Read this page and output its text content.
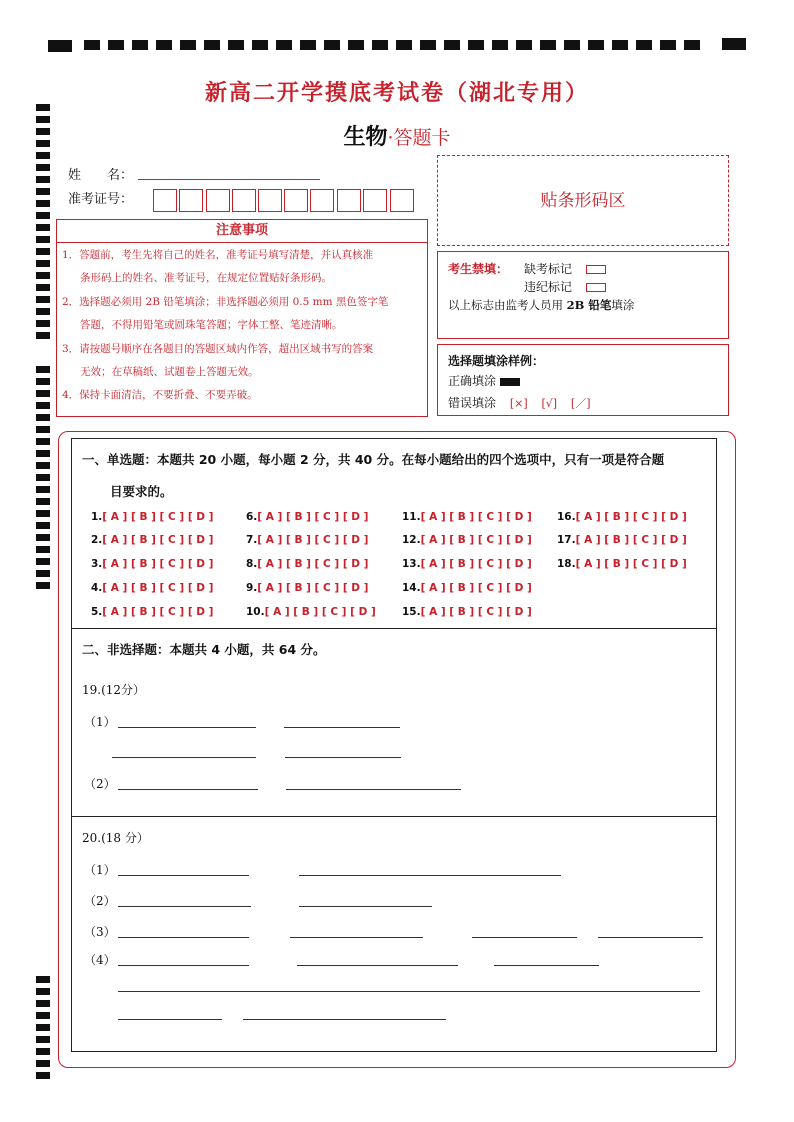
新高二开学摸底考试卷（湖北专用）
生物·答题卡
姓　　名：
准考证号：	贴条形码区
注意事项
1．答题前，考生先将自己的姓名，准考证号填写清楚，并认真核准
条形码上的姓名、准考证号，在规定位置贴好条形码。
2．选择题必须用 2B 铅笔填涂；非选择题必须用 0.5 mm 黑色签字笔
答题，不得用铅笔或圆珠笔答题；字体工整、笔迹清晰。
3．请按题号顺序在各题目的答题区域内作答，超出区域书写的答案
无效；在草稿纸、试题卷上答题无效。
4．保持卡面清洁，不要折叠、不要弄破。
考生禁填： 缺考标记
违纪标记
以上标志由监考人员用 2B 铅笔填涂
选择题填涂样例：
正确填涂
错误填涂 [×] [√] [／]
一、单选题：本题共 20 小题，每小题 2 分，共 40 分。在每小题给出的四个选项中，只有一项是符合题
目要求的。
1.[ A ] [ B ] [ C ] [ D ]
2.[ A ] [ B ] [ C ] [ D ]
3.[ A ] [ B ] [ C ] [ D ]
4.[ A ] [ B ] [ C ] [ D ]
5.[ A ] [ B ] [ C ] [ D ]
6.[ A ] [ B ] [ C ] [ D ]
7.[ A ] [ B ] [ C ] [ D ]
8.[ A ] [ B ] [ C ] [ D ]
9.[ A ] [ B ] [ C ] [ D ]
10.[ A ] [ B ] [ C ] [ D ]
11.[ A ] [ B ] [ C ] [ D ]
12.[ A ] [ B ] [ C ] [ D ]
13.[ A ] [ B ] [ C ] [ D ]
14.[ A ] [ B ] [ C ] [ D ]
15.[ A ] [ B ] [ C ] [ D ]
16.[ A ] [ B ] [ C ] [ D ]
17.[ A ] [ B ] [ C ] [ D ]
18.[ A ] [ B ] [ C ] [ D ]
二、非选择题：本题共 4 小题，共 64 分。
19.(12分）
（1）
（2）
20.(18 分）
（1）
（2）
（3）
（4）
